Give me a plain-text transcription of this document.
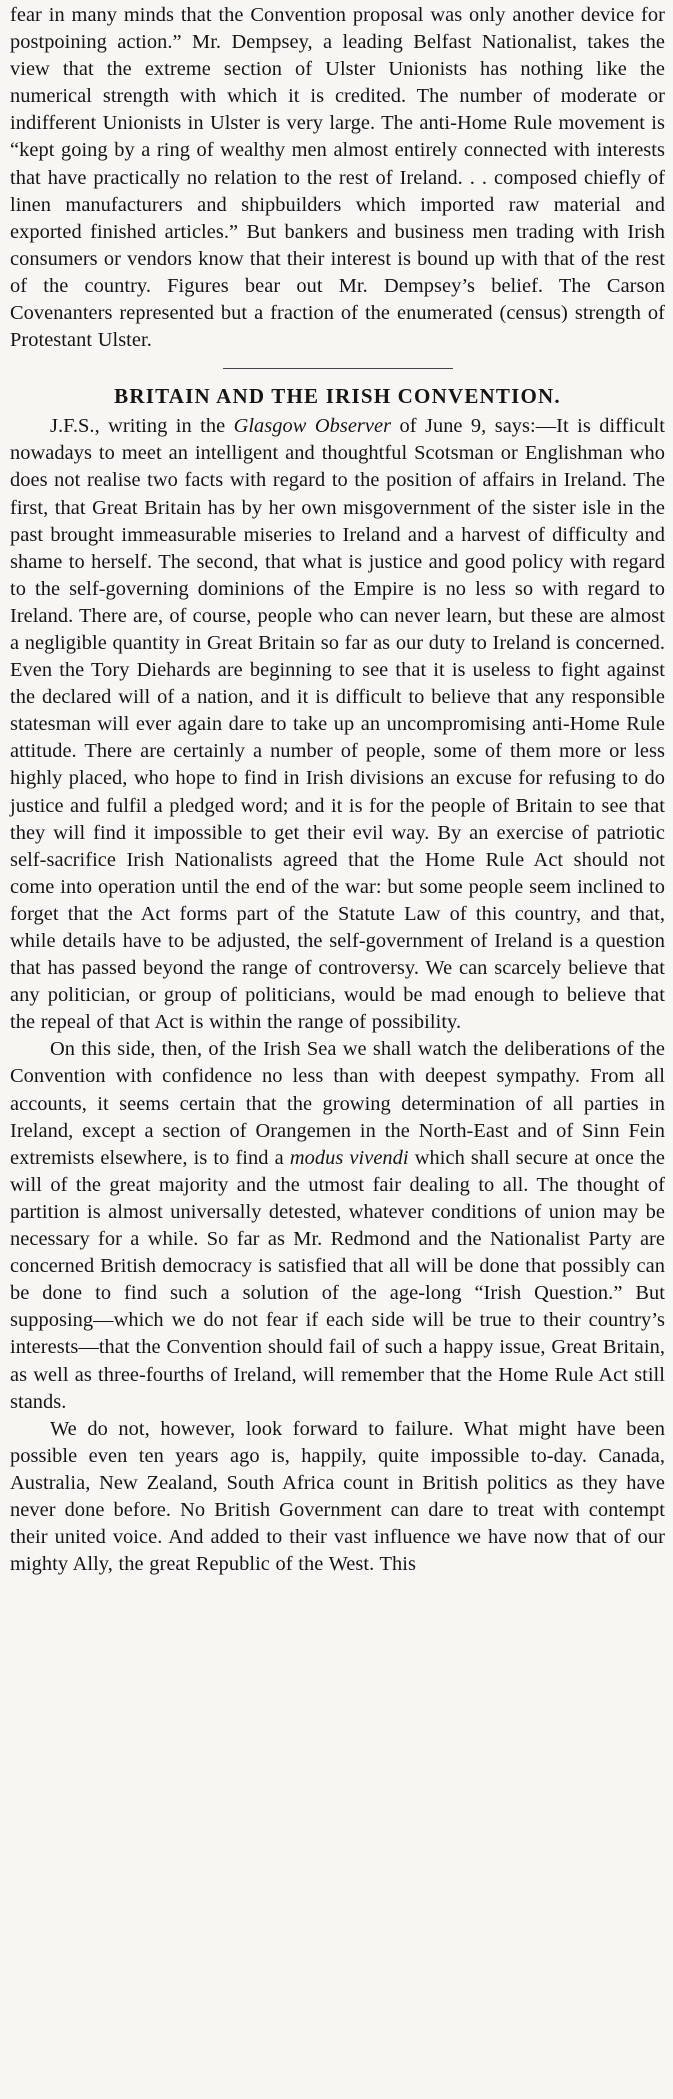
fear in many minds that the Convention proposal was only another device for postpoining action.” Mr. Dempsey, a leading Belfast Nationalist, takes the view that the extreme section of Ulster Unionists has nothing like the numerical strength with which it is credited. The number of moderate or indifferent Unionists in Ulster is very large. The anti-Home Rule movement is “kept going by a ring of wealthy men almost entirely connected with interests that have practically no relation to the rest of Ireland. . . composed chiefly of linen manufacturers and shipbuilders which imported raw material and exported finished articles.” But bankers and business men trading with Irish consumers or vendors know that their interest is bound up with that of the rest of the country. Figures bear out Mr. Dempsey’s belief. The Carson Covenanters represented but a fraction of the enumerated (census) strength of Protestant Ulster.

BRITAIN AND THE IRISH CONVENTION.

J.F.S., writing in the Glasgow Observer of June 9, says:—It is difficult nowadays to meet an intelligent and thoughtful Scotsman or Englishman who does not realise two facts with regard to the position of affairs in Ireland. The first, that Great Britain has by her own misgovernment of the sister isle in the past brought immeasurable miseries to Ireland and a harvest of difficulty and shame to herself. The second, that what is justice and good policy with regard to the self-governing dominions of the Empire is no less so with regard to Ireland. There are, of course, people who can never learn, but these are almost a negligible quantity in Great Britain so far as our duty to Ireland is concerned. Even the Tory Diehards are beginning to see that it is useless to fight against the declared will of a nation, and it is difficult to believe that any responsible statesman will ever again dare to take up an uncompromising anti-Home Rule attitude. There are certainly a number of people, some of them more or less highly placed, who hope to find in Irish divisions an excuse for refusing to do justice and fulfil a pledged word; and it is for the people of Britain to see that they will find it impossible to get their evil way. By an exercise of patriotic self-sacrifice Irish Nationalists agreed that the Home Rule Act should not come into operation until the end of the war: but some people seem inclined to forget that the Act forms part of the Statute Law of this country, and that, while details have to be adjusted, the self-government of Ireland is a question that has passed beyond the range of controversy. We can scarcely believe that any politician, or group of politicians, would be mad enough to believe that the repeal of that Act is within the range of possibility.

On this side, then, of the Irish Sea we shall watch the deliberations of the Convention with confidence no less than with deepest sympathy. From all accounts, it seems certain that the growing determination of all parties in Ireland, except a section of Orangemen in the North-East and of Sinn Fein extremists elsewhere, is to find a modus vivendi which shall secure at once the will of the great majority and the utmost fair dealing to all. The thought of partition is almost universally detested, whatever conditions of union may be necessary for a while. So far as Mr. Redmond and the Nationalist Party are concerned British democracy is satisfied that all will be done that possibly can be done to find such a solution of the age-long “Irish Question.” But supposing—which we do not fear if each side will be true to their country’s interests—that the Convention should fail of such a happy issue, Great Britain, as well as three-fourths of Ireland, will remember that the Home Rule Act still stands.

We do not, however, look forward to failure. What might have been possible even ten years ago is, happily, quite impossible to-day. Canada, Australia, New Zealand, South Africa count in British politics as they have never done before. No British Government can dare to treat with contempt their united voice. And added to their vast influence we have now that of our mighty Ally, the great Republic of the West. This
